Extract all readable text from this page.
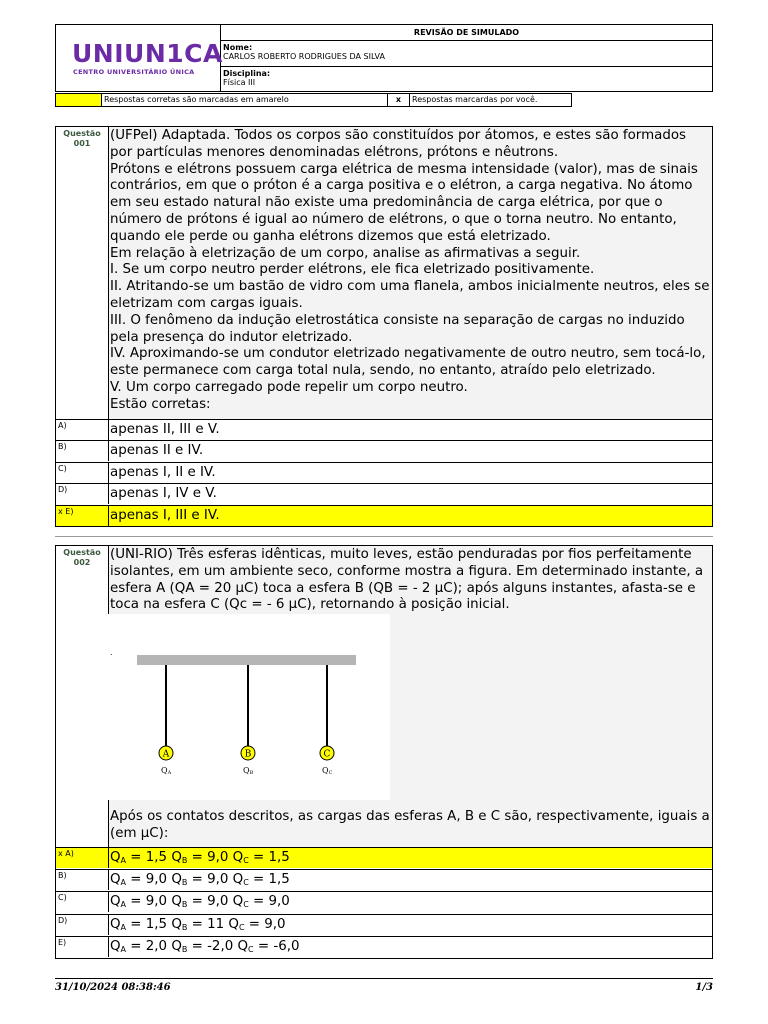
UNIUN1CA
CENTRO UNIVERSITÁRIO ÚNICA
REVISÃO DE SIMULADO
Nome:
CARLOS ROBERTO RODRIGUES DA SILVA
Disciplina:
Física III
Respostas corretas são marcadas em amarelo	x	Respostas marcardas por você.
Questão
001

(UFPel) Adaptada. Todos os corpos são constituídos por átomos, e estes são formados por partículas menores denominadas elétrons, prótons e nêutrons.

Prótons e elétrons possuem carga elétrica de mesma intensidade (valor), mas de sinais contrários, em que o próton é a carga positiva e o elétron, a carga negativa. No átomo em seu estado natural não existe uma predominância de carga elétrica, por que o número de prótons é igual ao número de elétrons, o que o torna neutro. No entanto, quando ele perde ou ganha elétrons dizemos que está eletrizado.

Em relação à eletrização de um corpo, analise as afirmativas a seguir.

I. Se um corpo neutro perder elétrons, ele fica eletrizado positivamente.

II. Atritando-se um bastão de vidro com uma flanela, ambos inicialmente neutros, eles se eletrizam com cargas iguais.

III. O fenômeno da indução eletrostática consiste na separação de cargas no induzido pela presença do indutor eletrizado.

IV. Aproximando-se um condutor eletrizado negativamente de outro neutro, sem tocá-lo, este permanece com carga total nula, sendo, no entanto, atraído pelo eletrizado.

V. Um corpo carregado pode repelir um corpo neutro.

Estão corretas:

A)	apenas II, III e V.
B)	apenas II e IV.
C)	apenas I, II e IV.
D)	apenas I, IV e V.
x E)	apenas I, III e IV.
Questão
002

(UNI-RIO) Três esferas idênticas, muito leves, estão penduradas por fios perfeitamente isolantes, em um ambiente seco, conforme mostra a figura. Em determinado instante, a esfera A (QA = 20 μC) toca a esfera B (QB = - 2 μC); após alguns instantes, afasta-se e toca na esfera C (Qc = - 6 μC), retornando à posição inicial.

Após os contatos descritos, as cargas das esferas A, B e C são, respectivamente, iguais a (em μC):

x A)	$Q_A = 1,5$ $Q_B = 9,0$ $Q_C = 1,5$
B)	$Q_A = 9,0$ $Q_B = 9,0$ $Q_C = 1,5$
C)	$Q_A = 9,0$ $Q_B = 9,0$ $Q_C = 9,0$
D)	$Q_A = 1,5$ $Q_B = 11$ $Q_C = 9,0$
E)	$Q_A = 2,0$ $Q_B = -2,0$ $Q_C = -6,0$
.
A	B	C
QA	QB	QC
31/10/2024 08:38:46	1/3
